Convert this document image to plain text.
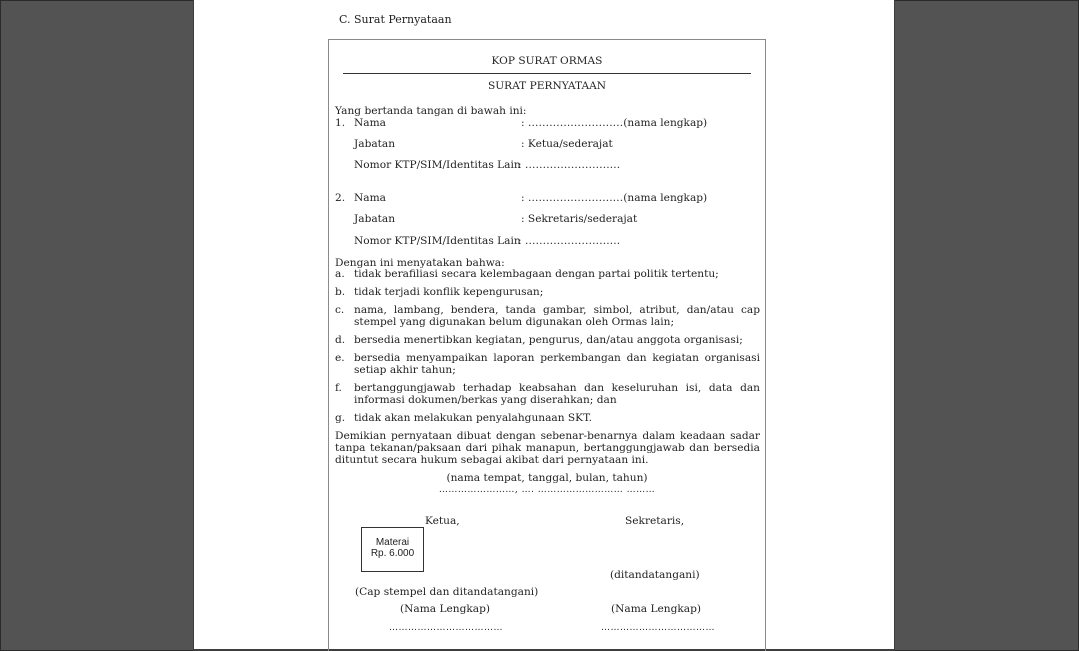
C. Surat Pernyataan
KOP SURAT ORMAS
SURAT PERNYATAAN
Yang bertanda tangan di bawah ini:
1. Nama	: ………………………(nama lengkap)
Jabatan	: Ketua/sederajat
Nomor KTP/SIM/Identitas Lain
: ………………………
2. Nama	: ………………………(nama lengkap)
Jabatan	: Sekretaris/sederajat
Nomor KTP/SIM/Identitas Lain
: ………………………
Dengan ini menyatakan bahwa:
a. tidak berafiliasi secara kelembagaan dengan partai politik tertentu;
b. tidak terjadi konflik kepengurusan;
c. nama, lambang, bendera, tanda gambar, simbol, atribut, dan/atau cap
stempel yang digunakan belum digunakan oleh Ormas lain;
d. bersedia menertibkan kegiatan, pengurus, dan/atau anggota organisasi;
e. bersedia menyampaikan laporan perkembangan dan kegiatan organisasi
setiap akhir tahun;
f. bertanggungjawab terhadap keabsahan dan keseluruhan isi, data dan
informasi dokumen/berkas yang diserahkan; dan
g. tidak akan melakukan penyalahgunaan SKT.
Demikian pernyataan dibuat dengan sebenar-benarnya dalam keadaan sadar
tanpa tekanan/paksaan dari pihak manapun, bertanggungjawab dan bersedia
dituntut secara hukum sebagai akibat dari pernyataan ini.
(nama tempat, tanggal, bulan, tahun)
……………………, …. ……………………… ………
Ketua,	Sekretaris,
Materai
Rp. 6.000
(ditandatangani)
(Cap stempel dan ditandatangani)
(Nama Lengkap)	(Nama Lengkap)
………………………………	………………………………
